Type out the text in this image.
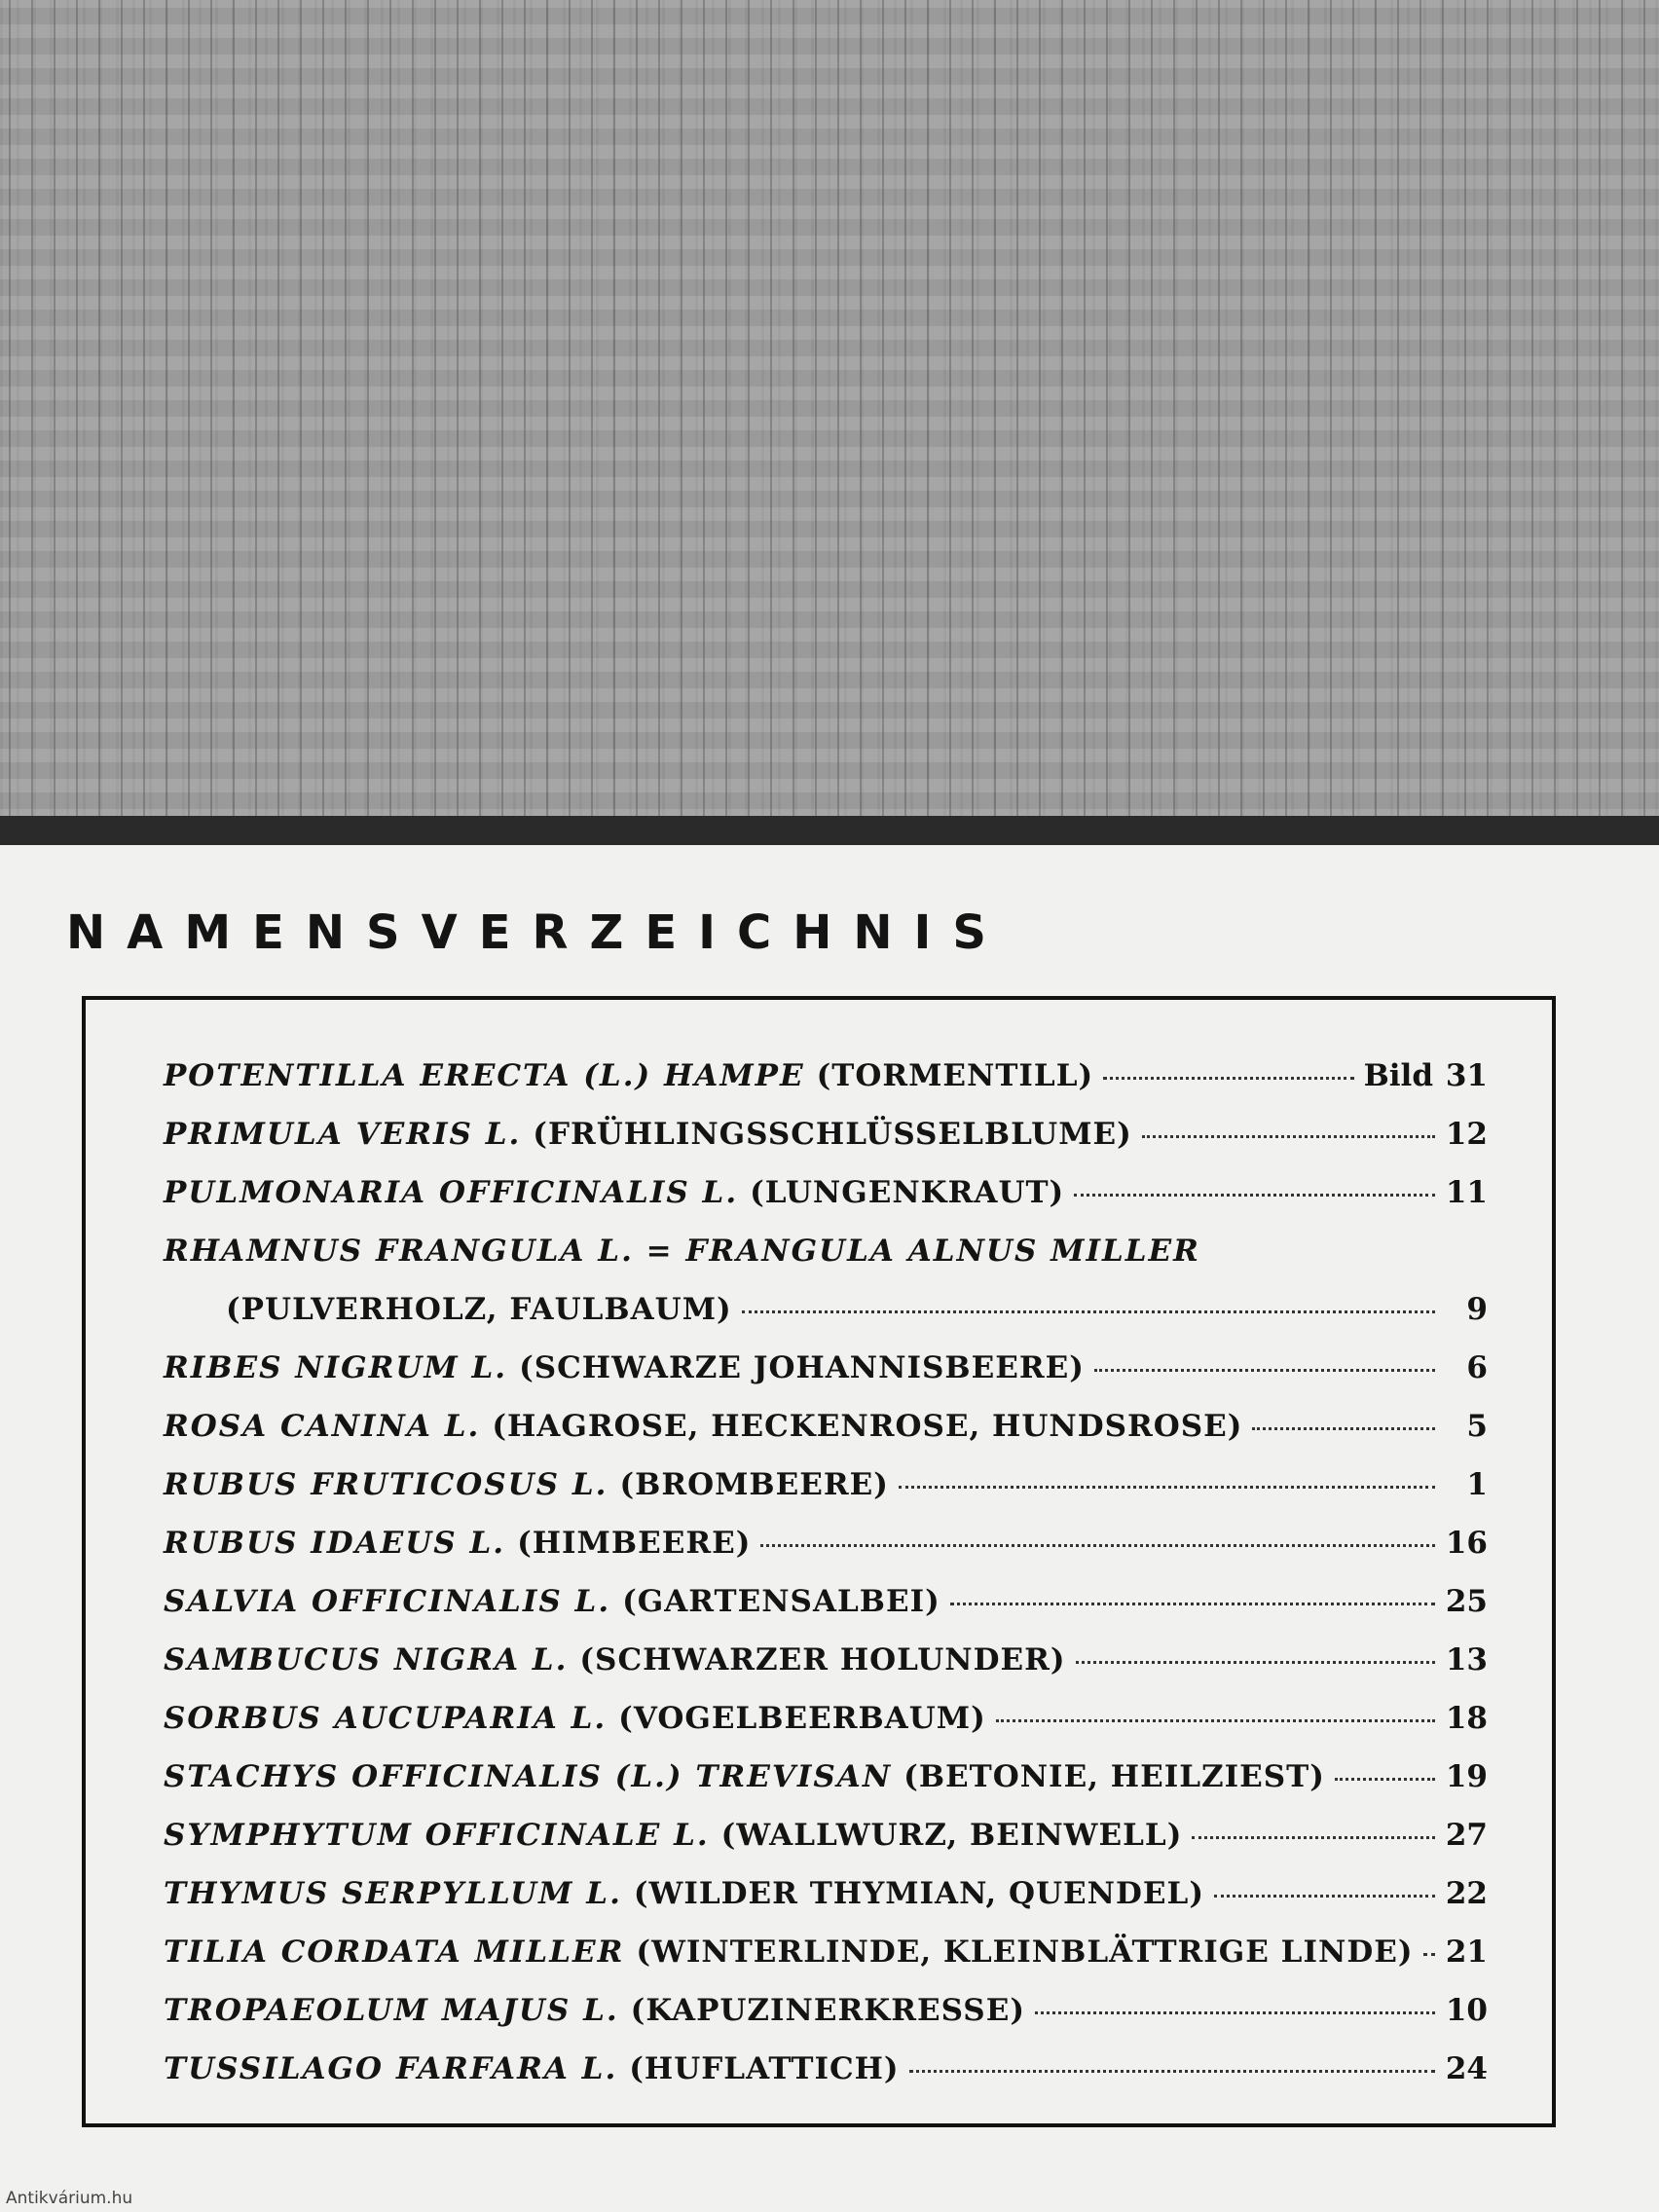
NAMENSVERZEICHNIS
POTENTILLA ERECTA (L.) HAMPE (TORMENTILL)	Bild 31
PRIMULA VERIS L. (FRÜHLINGSSCHLÜSSELBLUME)	12
PULMONARIA OFFICINALIS L. (LUNGENKRAUT)	11
RHAMNUS FRANGULA L. = FRANGULA ALNUS MILLER
(PULVERHOLZ, FAULBAUM)	9
RIBES NIGRUM L. (SCHWARZE JOHANNISBEERE)	6
ROSA CANINA L. (HAGROSE, HECKENROSE, HUNDSROSE)	5
RUBUS FRUTICOSUS L. (BROMBEERE)	1
RUBUS IDAEUS L. (HIMBEERE)	16
SALVIA OFFICINALIS L. (GARTENSALBEI)	25
SAMBUCUS NIGRA L. (SCHWARZER HOLUNDER)	13
SORBUS AUCUPARIA L. (VOGELBEERBAUM)	18
STACHYS OFFICINALIS (L.) TREVISAN (BETONIE, HEILZIEST)	19
SYMPHYTUM OFFICINALE L. (WALLWURZ, BEINWELL)	27
THYMUS SERPYLLUM L. (WILDER THYMIAN, QUENDEL)	22
TILIA CORDATA MILLER (WINTERLINDE, KLEINBLÄTTRIGE LINDE) 21
TROPAEOLUM MAJUS L. (KAPUZINERKRESSE)	10
TUSSILAGO FARFARA L. (HUFLATTICH)	24
Antikvárium.hu
